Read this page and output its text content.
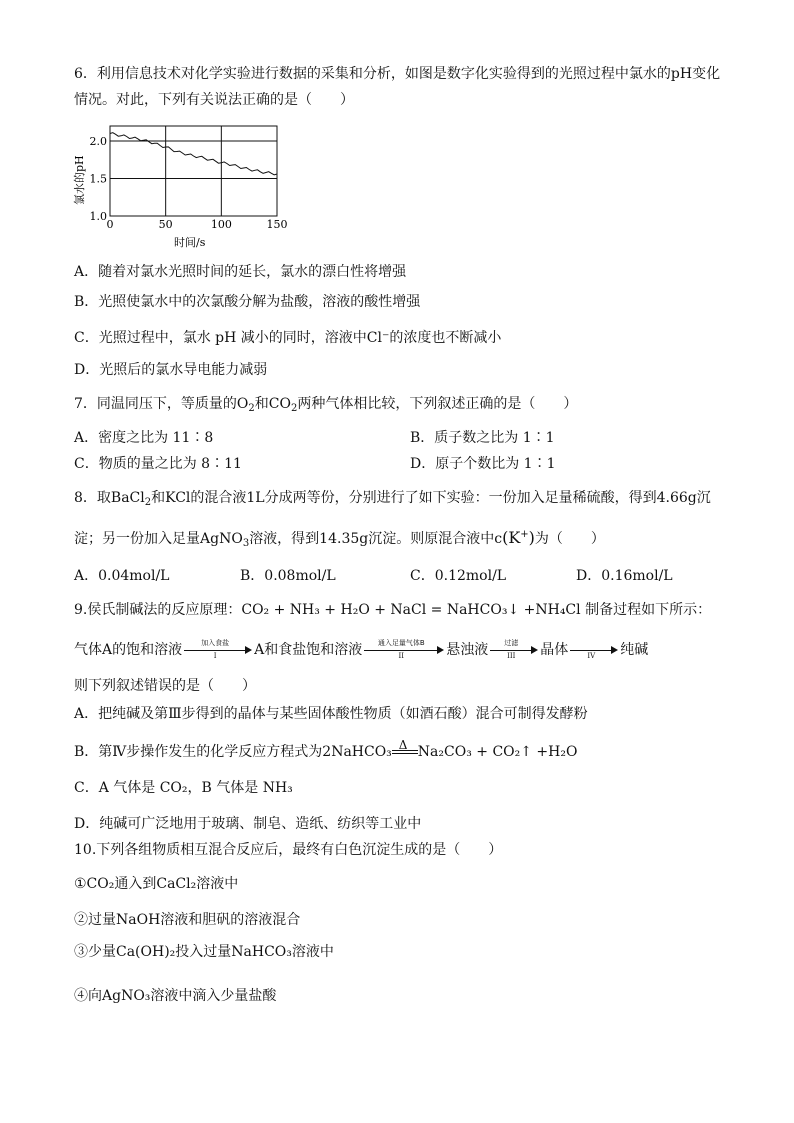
6．利用信息技术对化学实验进行数据的采集和分析，如图是数字化实验得到的光照过程中氯水的pH变化
情况。对此，下列有关说法正确的是（　　）
0	50	100	150
1.0
1.5
2.0
氯水的pH
时间/s
A．随着对氯水光照时间的延长，氯水的漂白性将增强
B．光照使氯水中的次氯酸分解为盐酸，溶液的酸性增强
C．光照过程中，氯水 pH 减小的同时，溶液中Cl⁻的浓度也不断减小
D．光照后的氯水导电能力减弱
7．同温同压下，等质量的$O_2$和$CO_2$两种气体相比较，下列叙述正确的是（　　）
A．密度之比为 11∶8	B．质子数之比为 1∶1
C．物质的量之比为 8∶11	D．原子个数比为 1∶1
8．取BaCl$_2$和KCl的混合液1L分成两等份，分别进行了如下实验：一份加入足量稀硫酸，得到4.66g沉
淀；另一份加入足量AgNO$_3$溶液，得到14.35g沉淀。则原混合液中c(K+)为（　　）
A．0.04mol/L	B．0.08mol/L	C．0.12mol/L	D．0.16mol/L
9.侯氏制碱法的反应原理：CO₂ + NH₃ + H₂O + NaCl = NaHCO₃↓ +NH₄Cl 制备过程如下所示：
气体A的饱和溶液	加入食盐
I	A和食盐饱和溶液	通入足量气体B
II	悬浊液	过滤
III	晶体	IV	纯碱
则下列叙述错误的是（　　）
A．把纯碱及第Ⅲ步得到的晶体与某些固体酸性物质（如酒石酸）混合可制得发酵粉
B．第Ⅳ步操作发生的化学反应方程式为2NaHCO₃ Δ Na₂CO₃ + CO₂↑ +H₂O
C．A 气体是 CO₂，B 气体是 NH₃
D．纯碱可广泛地用于玻璃、制皂、造纸、纺织等工业中
10.下列各组物质相互混合反应后，最终有白色沉淀生成的是（　　）
①CO₂通入到CaCl₂溶液中
②过量NaOH溶液和胆矾的溶液混合
③少量Ca(OH)₂投入过量NaHCO₃溶液中
④向AgNO₃溶液中滴入少量盐酸
